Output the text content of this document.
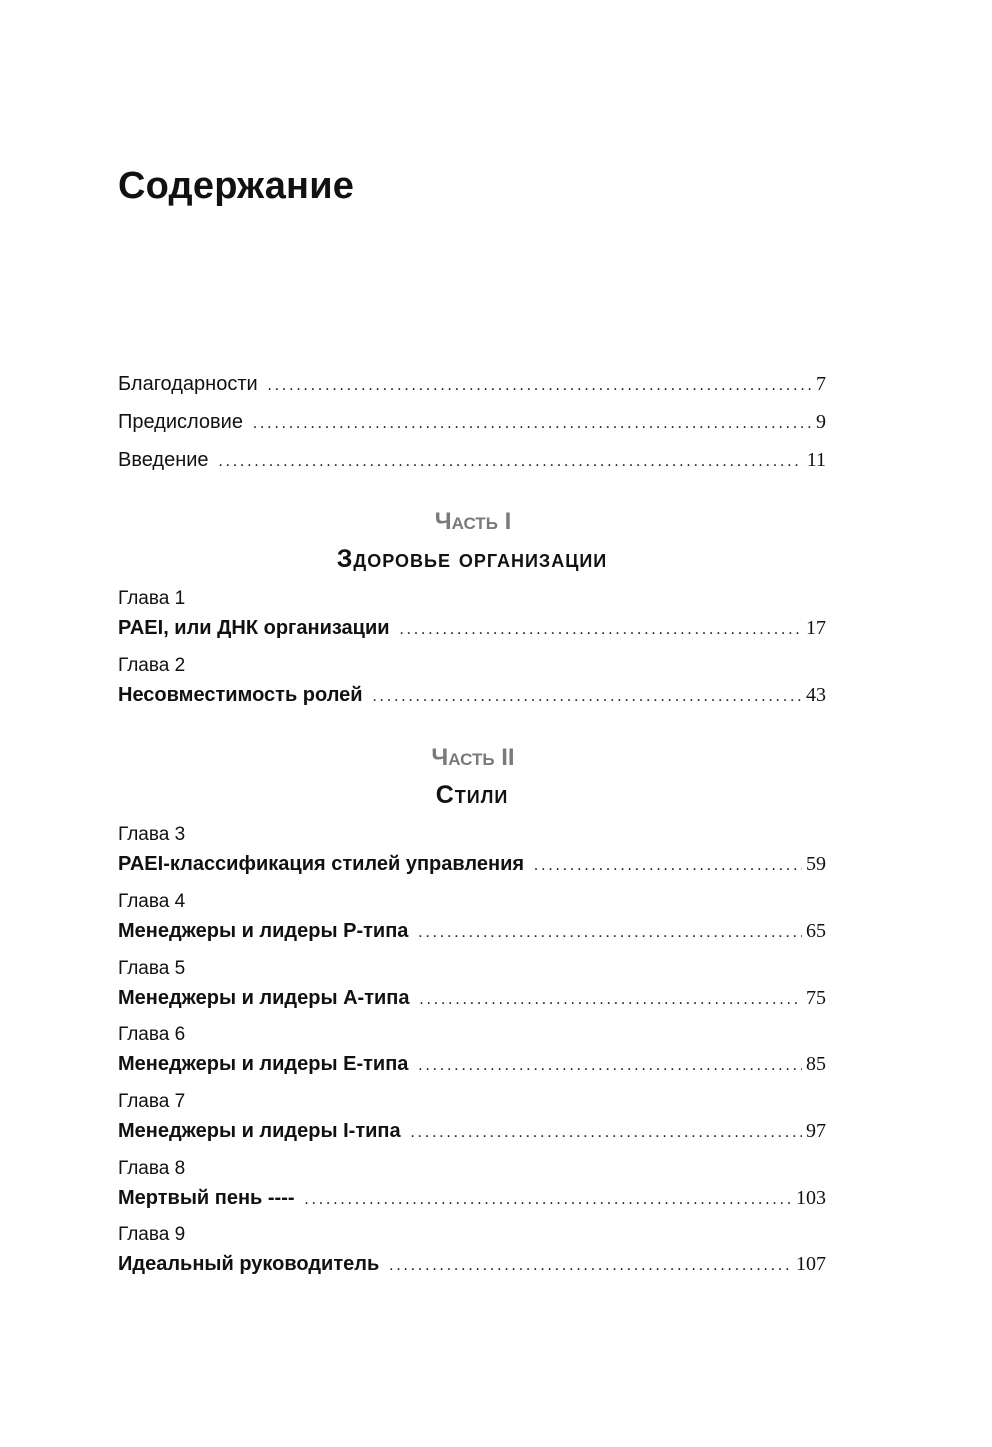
Содержание
Благодарности .....	7
Предисловие .....	9
Введение .....	11
Часть I
Здоровье организации
Глава 1
PAEI, или ДНК организации .....	17
Глава 2
Несовместимость ролей .....	43
Часть II
Стили
Глава 3
PAEI-классификация стилей управления .....	59
Глава 4
Менеджеры и лидеры P-типа .....	65
Глава 5
Менеджеры и лидеры A-типа .....	75
Глава 6
Менеджеры и лидеры E-типа .....	85
Глава 7
Менеджеры и лидеры I-типа .....	97
Глава 8
Мертвый пень ---- .....	103
Глава 9
Идеальный руководитель .....	107
